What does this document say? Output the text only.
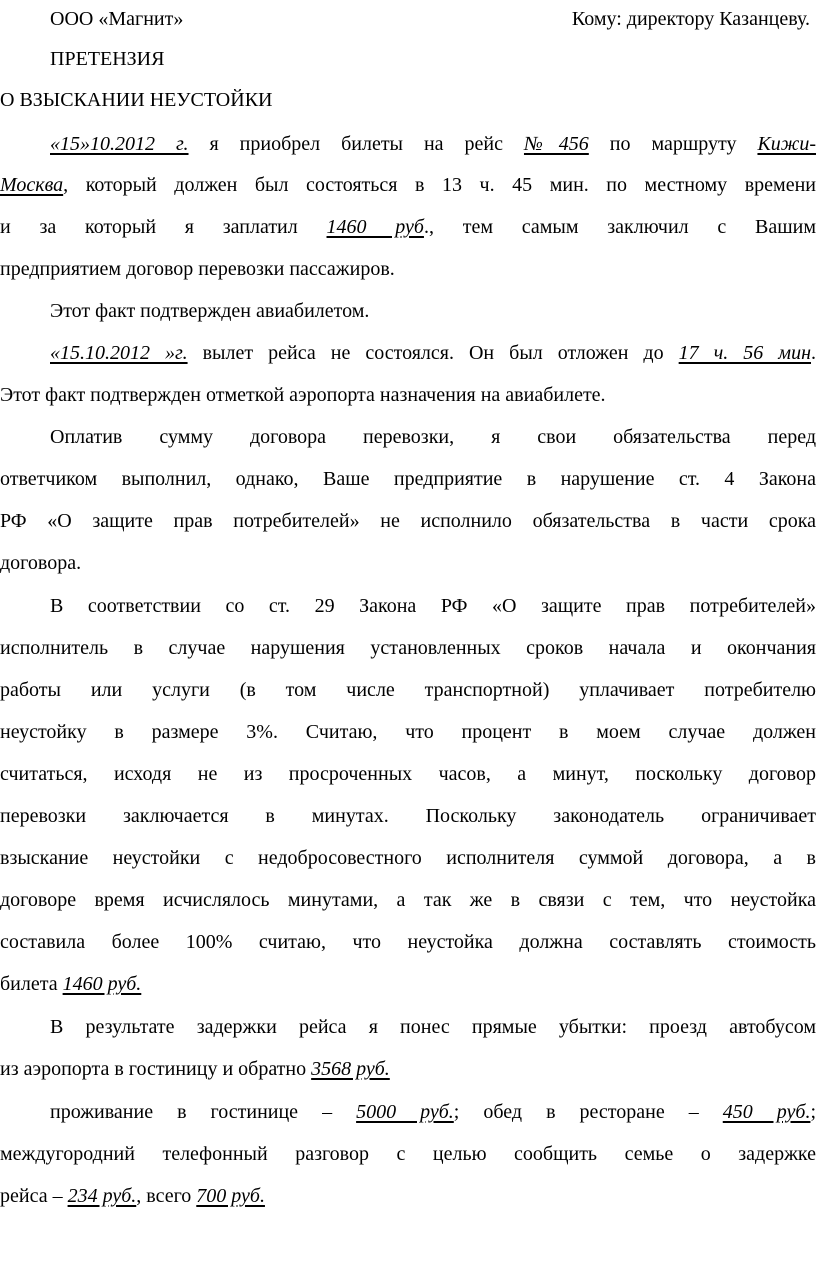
ООО «Магнит»	Кому: директору Казанцеву.
ПРЕТЕНЗИЯ
О ВЗЫСКАНИИ НЕУСТОЙКИ
«15»10.2012 г. я приобрел билеты на рейс №456 по маршруту Кижи-
Москва, который должен был состояться в 13 ч. 45 мин. по местному времени
и за который я заплатил 1460 руб., тем самым заключил с Вашим
предприятием договор перевозки пассажиров.
Этот факт подтвержден авиабилетом.
«15.10.2012 »г. вылет рейса не состоялся. Он был отложен до 17 ч. 56 мин.
Этот факт подтвержден отметкой аэропорта назначения на авиабилете.
Оплатив сумму договора перевозки, я свои обязательства перед
ответчиком выполнил, однако, Ваше предприятие в нарушение ст. 4 Закона
РФ «О защите прав потребителей» не исполнило обязательства в части срока
договора.
В соответствии со ст. 29 Закона РФ «О защите прав потребителей»
исполнитель в случае нарушения установленных сроков начала и окончания
работы или услуги (в том числе транспортной) уплачивает потребителю
неустойку в размере 3%. Считаю, что процент в моем случае должен
считаться, исходя не из просроченных часов, а минут, поскольку договор
перевозки заключается в минутах. Поскольку законодатель ограничивает
взыскание неустойки с недобросовестного исполнителя суммой договора, а в
договоре время исчислялось минутами, а так же в связи с тем, что неустойка
составила более 100% считаю, что неустойка должна составлять стоимость
билета 1460 руб.
В результате задержки рейса я понес прямые убытки: проезд автобусом
из аэропорта в гостиницу и обратно 3568 руб.
проживание в гостинице – 5000 руб.; обед в ресторане – 450 руб.;
междугородний телефонный разговор с целью сообщить семье о задержке
рейса – 234 руб., всего 700 руб.
